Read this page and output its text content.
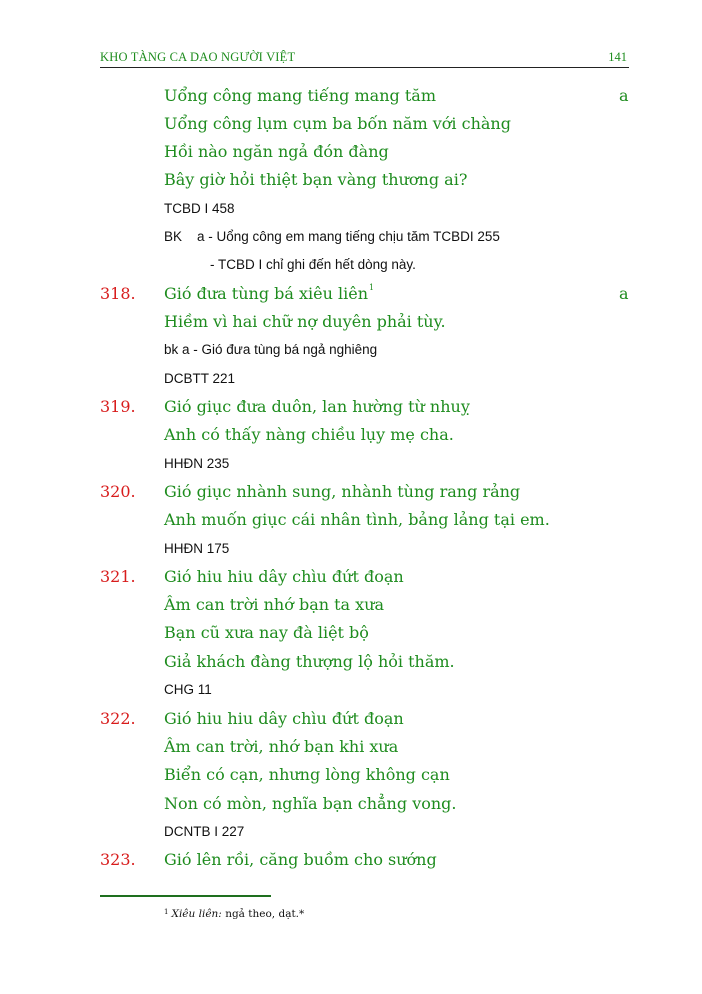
KHO TÀNG CA DAO NGƯỜI VIỆT	141
Uổng công mang tiếng mang tăm	a
Uổng công lụm cụm ba bốn năm với chàng
Hồi nào ngăn ngả đón đàng
Bây giờ hỏi thiệt bạn vàng thương ai?
TCBD I 458
BK    a - Uổng công em mang tiếng chịu tăm TCBDI 255
- TCBD I chỉ ghi đến hết dòng này.
318. Gió đưa tùng bá xiêu liên$^1$	a
Hiềm vì hai chữ nợ duyên phải tùy.
bk a - Gió đưa tùng bá ngả nghiêng
DCBTT 221
319. Gió giục đưa duôn, lan hường từ nhuỵ
Anh có thấy nàng chiều lụy mẹ cha.
HHĐN 235
320. Gió giục nhành sung, nhành tùng rang rảng
Anh muốn giục cái nhân tình, bảng lảng tại em.
HHĐN 175
321. Gió hiu hiu dây chìu đứt đoạn
Âm can trời nhớ bạn ta xưa
Bạn cũ xưa nay đà liệt bộ
Giả khách đàng thượng lộ hỏi thăm.
CHG 11
322. Gió hiu hiu dây chìu đứt đoạn
Âm can trời, nhớ bạn khi xưa
Biển có cạn, nhưng lòng không cạn
Non có mòn, nghĩa bạn chẳng vong.
DCNTB I 227
323. Gió lên rồi, căng buồm cho sướng
$^1$ Xiêu liên: ngả theo, dạt.*
